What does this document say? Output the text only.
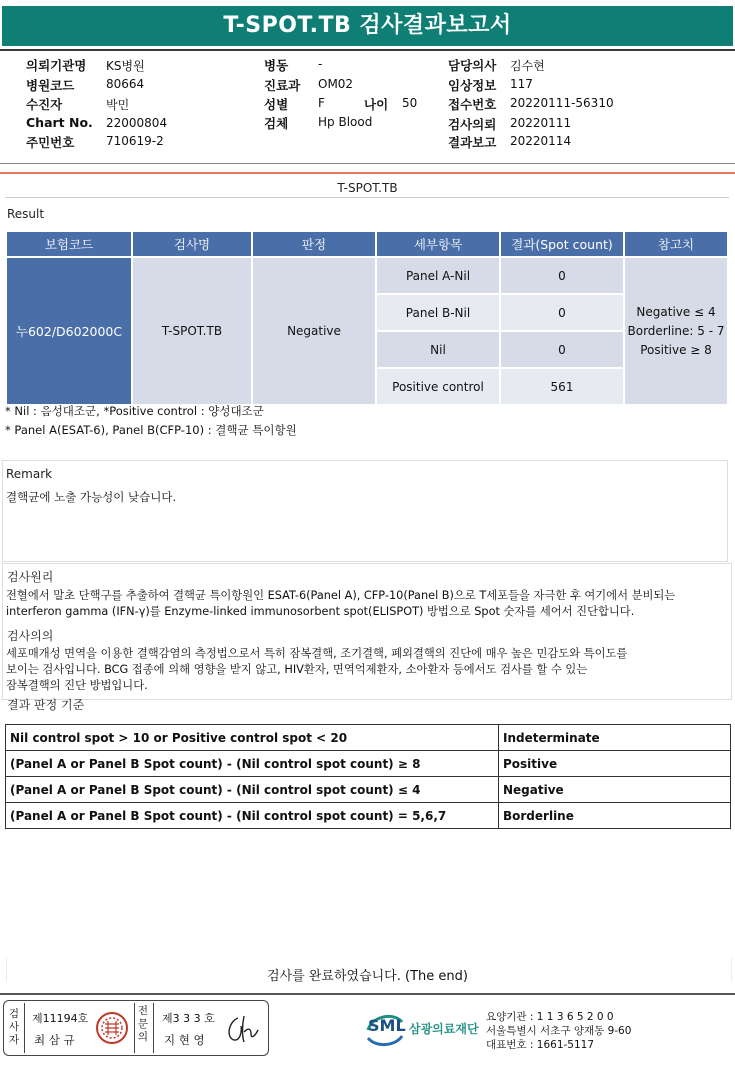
T-SPOT.TB 검사결과보고서
의뢰기관명 KS병원
병원코드	80664
수진자	박민
Chart No. 22000804
주민번호	710619-2
병동 -
진료과 OM02
성별 F	나이 50
검체 Hp Blood
담당의사 김수현
임상정보 117
접수번호 20220111-56310
검사의뢰 20220111
결과보고 20220114
T-SPOT.TB
Result
보험코드	검사명	판정	세부항목	결과(Spot count)	참고치
누602/D602000C	T-SPOT.TB	Negative	Panel A-Nil	0	Negative ≤ 4
Borderline: 5 - 7
Positive ≥ 8

			Panel B-Nil	0	
			Nil	0	
			Positive control	561	
* Nil : 음성대조군, *Positive control : 양성대조군
* Panel A(ESAT-6), Panel B(CFP-10) : 결핵균 특이항원
Remark
결핵균에 노출 가능성이 낮습니다.
검사원리
전혈에서 말초 단핵구를 추출하여 결핵균 특이항원인 ESAT-6(Panel A), CFP-10(Panel B)으로 T세포들을 자극한 후 여기에서 분비되는
interferon gamma (IFN-γ)를 Enzyme-linked immunosorbent spot(ELISPOT) 방법으로 Spot 숫자를 세어서 진단합니다.
검사의의
세포매개성 면역을 이용한 결핵감염의 측정법으로서 특히 잠복결핵, 조기결핵, 폐외결핵의 진단에 매우 높은 민감도와 특이도를
보이는 검사입니다. BCG 접종에 의해 영향을 받지 않고, HIV환자, 면역억제환자, 소아환자 등에서도 검사를 할 수 있는
잠복결핵의 진단 방법입니다.
결과 판정 기준
Nil control spot > 10 or Positive control spot < 20	Indeterminate
(Panel A or Panel B Spot count) - (Nil control spot count) ≥ 8	Positive
(Panel A or Panel B Spot count) - (Nil control spot count) ≤ 4	Negative
(Panel A or Panel B Spot count) - (Nil control spot count) = 5,6,7	Borderline
검사를 완료하였습니다. (The end)
검사자
제11194호
최 삼 규
전문의
제3 3 3 호
지 현 영
SML 삼광의료재단
요양기관 : 1 1 3 6 5 2 0 0
서울특별시 서초구 양재동 9-60
대표번호 : 1661-5117
